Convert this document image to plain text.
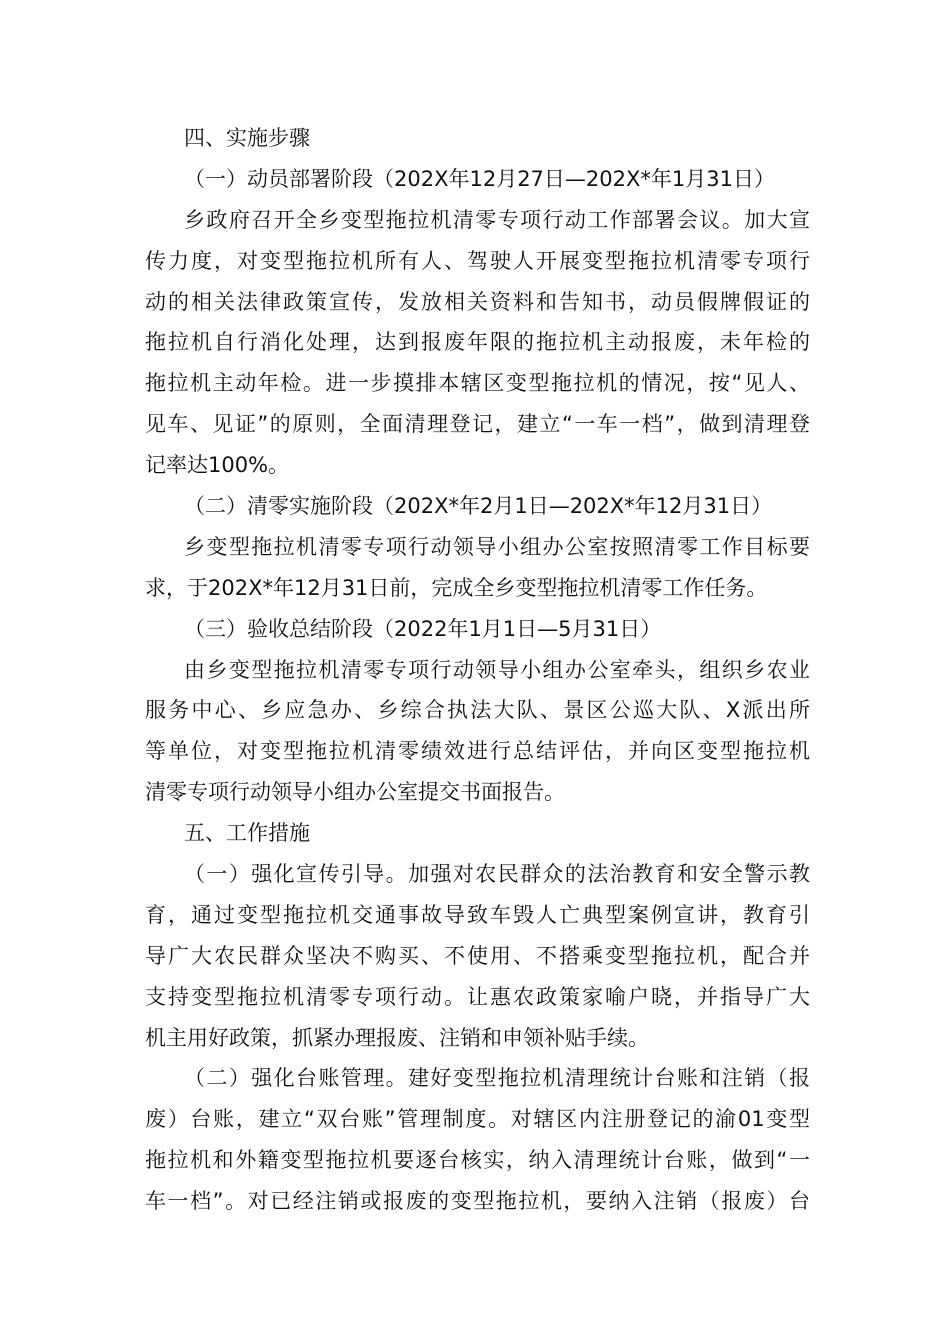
四、实施步骤
（一）动员部署阶段（202X年12月27日—202X*年1月31日）
乡政府召开全乡变型拖拉机清零专项行动工作部署会议。加大宣
传力度，对变型拖拉机所有人、驾驶人开展变型拖拉机清零专项行
动的相关法律政策宣传，发放相关资料和告知书，动员假牌假证的
拖拉机自行消化处理，达到报废年限的拖拉机主动报废，未年检的
拖拉机主动年检。进一步摸排本辖区变型拖拉机的情况，按“见人、
见车、见证”的原则，全面清理登记，建立“一车一档”，做到清理登
记率达100%。
（二）清零实施阶段（202X*年2月1日—202X*年12月31日）
乡变型拖拉机清零专项行动领导小组办公室按照清零工作目标要
求，于202X*年12月31日前，完成全乡变型拖拉机清零工作任务。
（三）验收总结阶段（2022年1月1日—5月31日）
由乡变型拖拉机清零专项行动领导小组办公室牵头，组织乡农业
服务中心、乡应急办、乡综合执法大队、景区公巡大队、X派出所
等单位，对变型拖拉机清零绩效进行总结评估，并向区变型拖拉机
清零专项行动领导小组办公室提交书面报告。
五、工作措施
（一）强化宣传引导。加强对农民群众的法治教育和安全警示教
育，通过变型拖拉机交通事故导致车毁人亡典型案例宣讲，教育引
导广大农民群众坚决不购买、不使用、不搭乘变型拖拉机，配合并
支持变型拖拉机清零专项行动。让惠农政策家喻户晓，并指导广大
机主用好政策，抓紧办理报废、注销和申领补贴手续。
（二）强化台账管理。建好变型拖拉机清理统计台账和注销（报
废）台账，建立“双台账”管理制度。对辖区内注册登记的渝01变型
拖拉机和外籍变型拖拉机要逐台核实，纳入清理统计台账，做到“一
车一档”。对已经注销或报废的变型拖拉机，要纳入注销（报废）台
